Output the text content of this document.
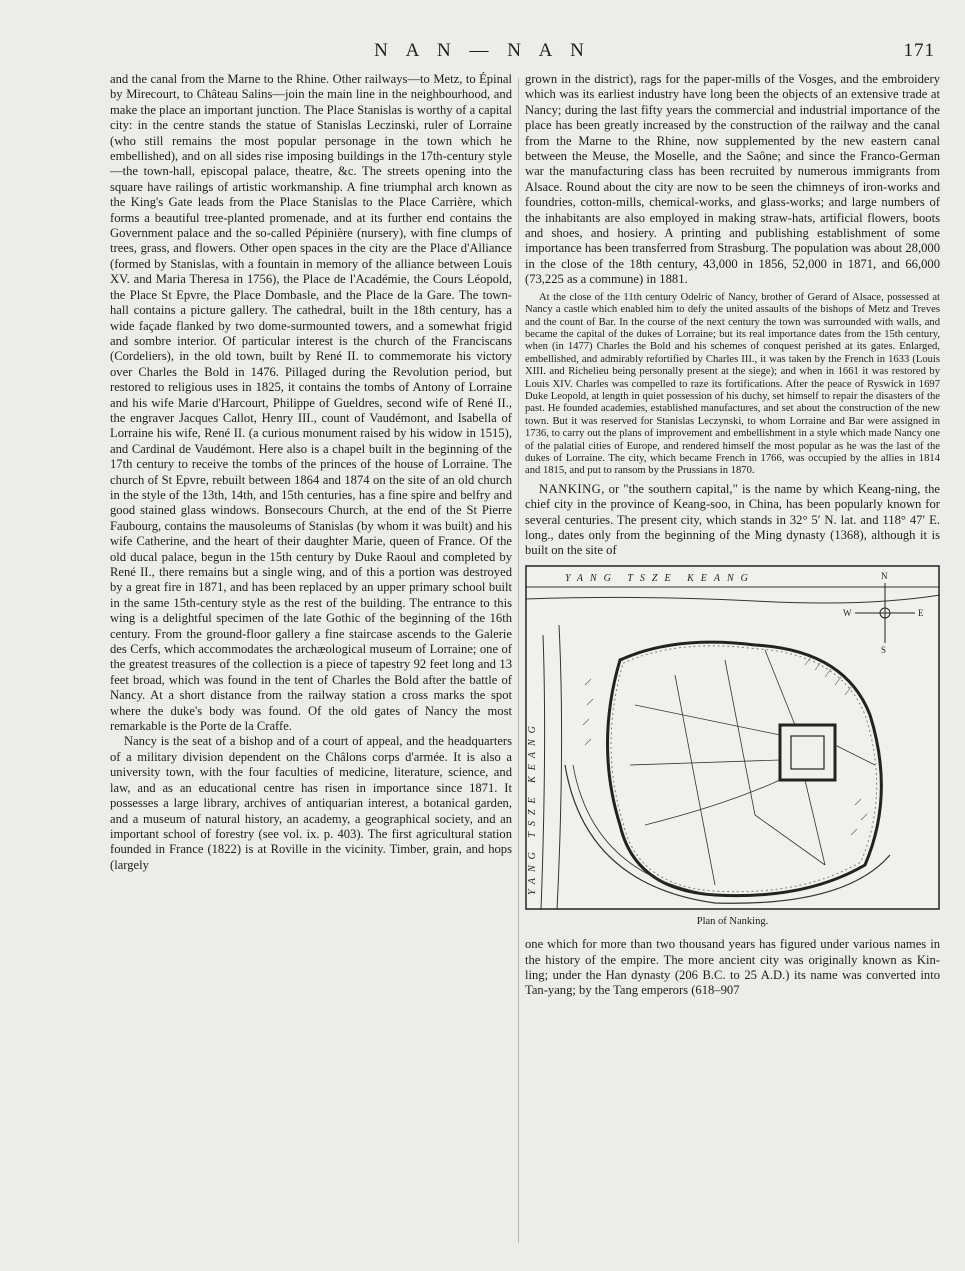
N A N — N A N	171

and the canal from the Marne to the Rhine. Other railways—to Metz, to Épinal by Mirecourt, to Château Salins—join the main line in the neighbourhood, and make the place an important junction. The Place Stanislas is worthy of a capital city: in the centre stands the statue of Stanislas Leczinski, ruler of Lorraine (who still remains the most popular personage in the town which he embellished), and on all sides rise imposing buildings in the 17th-century style—the town-hall, episcopal palace, theatre, &c. The streets opening into the square have railings of artistic workmanship. A fine triumphal arch known as the King's Gate leads from the Place Stanislas to the Place Carrière, which forms a beautiful tree-planted promenade, and at its further end contains the Government palace and the so-called Pépinière (nursery), with fine clumps of trees, grass, and flowers. Other open spaces in the city are the Place d'Alliance (formed by Stanislas, with a fountain in memory of the alliance between Louis XV. and Maria Theresa in 1756), the Place de l'Académie, the Cours Léopold, the Place St Epvre, the Place Dombasle, and the Place de la Gare. The town-hall contains a picture gallery. The cathedral, built in the 18th century, has a wide façade flanked by two dome-surmounted towers, and a somewhat frigid and sombre interior. Of particular interest is the church of the Franciscans (Cordeliers), in the old town, built by René II. to commemorate his victory over Charles the Bold in 1476. Pillaged during the Revolution period, but restored to religious uses in 1825, it contains the tombs of Antony of Lorraine and his wife Marie d'Harcourt, Philippe of Gueldres, second wife of René II., the engraver Jacques Callot, Henry III., count of Vaudémont, and Isabella of Lorraine his wife, René II. (a curious monument raised by his widow in 1515), and Cardinal de Vaudémont. Here also is a chapel built in the beginning of the 17th century to receive the tombs of the princes of the house of Lorraine. The church of St Epvre, rebuilt between 1864 and 1874 on the site of an old church in the style of the 13th, 14th, and 15th centuries, has a fine spire and belfry and good stained glass windows. Bonsecours Church, at the end of the St Pierre Faubourg, contains the mausoleums of Stanislas (by whom it was built) and his wife Catherine, and the heart of their daughter Marie, queen of France. Of the old ducal palace, begun in the 15th century by Duke Raoul and completed by René II., there remains but a single wing, and of this a portion was destroyed by a great fire in 1871, and has been replaced by an upper primary school built in the same 15th-century style as the rest of the building. The entrance to this wing is a delightful specimen of the late Gothic of the beginning of the 16th century. From the ground-floor gallery a fine staircase ascends to the Galerie des Cerfs, which accommodates the archæological museum of Lorraine; one of the greatest treasures of the collection is a piece of tapestry 92 feet long and 13 feet broad, which was found in the tent of Charles the Bold after the battle of Nancy. At a short distance from the railway station a cross marks the spot where the duke's body was found. Of the old gates of Nancy the most remarkable is the Porte de la Craffe.

Nancy is the seat of a bishop and of a court of appeal, and the headquarters of a military division dependent on the Châlons corps d'armée. It is also a university town, with the four faculties of medicine, literature, science, and law, and as an educational centre has risen in importance since 1871. It possesses a large library, archives of antiquarian interest, a botanical garden, and a museum of natural history, an academy, a geographical society, and an important school of forestry (see vol. ix. p. 403). The first agricultural station founded in France (1822) is at Roville in the vicinity. Timber, grain, and hops (largely

grown in the district), rags for the paper-mills of the Vosges, and the embroidery which was its earliest industry have long been the objects of an extensive trade at Nancy; during the last fifty years the commercial and industrial importance of the place has been greatly increased by the construction of the railway and the canal from the Marne to the Rhine, now supplemented by the new eastern canal between the Meuse, the Moselle, and the Saône; and since the Franco-German war the manufacturing class has been recruited by numerous immigrants from Alsace. Round about the city are now to be seen the chimneys of iron-works and foundries, cotton-mills, chemical-works, and glass-works; and large numbers of the inhabitants are also employed in making straw-hats, artificial flowers, boots and shoes, and hosiery. A printing and publishing establishment of some importance has been transferred from Strasburg. The population was about 28,000 in the close of the 18th century, 43,000 in 1856, 52,000 in 1871, and 66,000 (73,225 as a commune) in 1881.

At the close of the 11th century Odelric of Nancy, brother of Gerard of Alsace, possessed at Nancy a castle which enabled him to defy the united assaults of the bishops of Metz and Treves and the count of Bar. In the course of the next century the town was surrounded with walls, and became the capital of the dukes of Lorraine; but its real importance dates from the 15th century, when (in 1477) Charles the Bold and his schemes of conquest perished at its gates. Enlarged, embellished, and admirably refortified by Charles III., it was taken by the French in 1633 (Louis XIII. and Richelieu being personally present at the siege); and when in 1661 it was restored by Louis XIV. Charles was compelled to raze its fortifications. After the peace of Ryswick in 1697 Duke Leopold, at length in quiet possession of his duchy, set himself to repair the disasters of the past. He founded academies, established manufactures, and set about the construction of the new town. But it was reserved for Stanislas Leczynski, to whom Lorraine and Bar were assigned in 1736, to carry out the plans of improvement and embellishment in a style which made Nancy one of the palatial cities of Europe, and rendered himself the most popular as he was the last of the dukes of Lorraine. The city, which became French in 1766, was occupied by the allies in 1814 and 1815, and put to ransom by the Prussians in 1870.

NANKING, or "the southern capital," is the name by which Keang-ning, the chief city in the province of Keang-soo, in China, has been popularly known for several centuries. The present city, which stands in 32° 5′ N. lat. and 118° 47′ E. long., dates only from the beginning of the Ming dynasty (1368), although it is built on the site of

YANG TSZE KEANG
YANG TSZE KEANG
N
S
W	E
Plan of Nanking.

one which for more than two thousand years has figured under various names in the history of the empire. The more ancient city was originally known as Kin-ling; under the Han dynasty (206 B.C. to 25 A.D.) its name was converted into Tan-yang; by the Tang emperors (618–907
